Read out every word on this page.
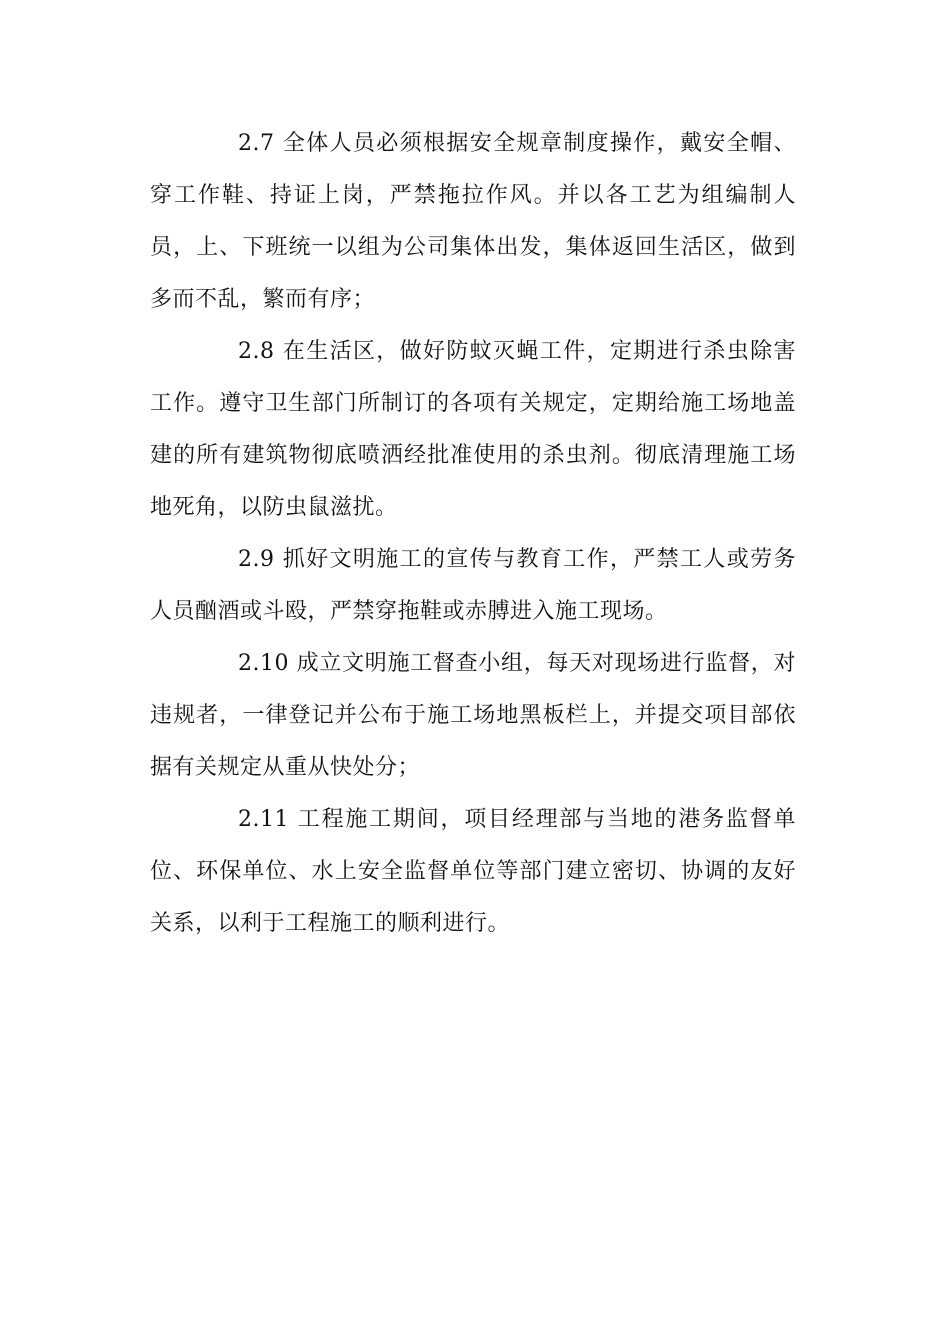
2.7 全体人员必须根据安全规章制度操作，戴安全帽、穿工作鞋、持证上岗，严禁拖拉作风。并以各工艺为组编制人员，上、下班统一以组为公司集体出发，集体返回生活区，做到多而不乱，繁而有序；

2.8 在生活区，做好防蚊灭蝇工件，定期进行杀虫除害工作。遵守卫生部门所制订的各项有关规定，定期给施工场地盖建的所有建筑物彻底喷洒经批准使用的杀虫剂。彻底清理施工场地死角，以防虫鼠滋扰。

2.9 抓好文明施工的宣传与教育工作，严禁工人或劳务人员酗酒或斗殴，严禁穿拖鞋或赤膊进入施工现场。

2.10 成立文明施工督查小组，每天对现场进行监督，对违规者，一律登记并公布于施工场地黑板栏上，并提交项目部依据有关规定从重从快处分；

2.11 工程施工期间，项目经理部与当地的港务监督单位、环保单位、水上安全监督单位等部门建立密切、协调的友好关系，以利于工程施工的顺利进行。
